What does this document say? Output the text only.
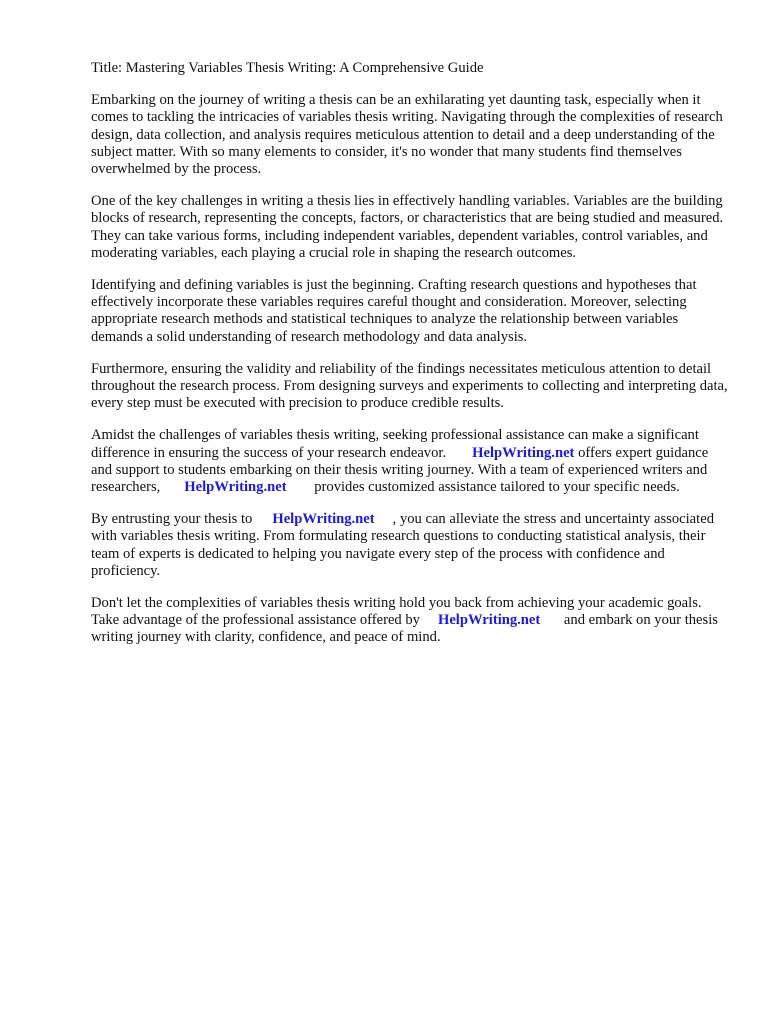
Title: Mastering Variables Thesis Writing: A Comprehensive Guide

Embarking on the journey of writing a thesis can be an exhilarating yet daunting task, especially when it comes to tackling the intricacies of variables thesis writing. Navigating through the complexities of research design, data collection, and analysis requires meticulous attention to detail and a deep understanding of the subject matter. With so many elements to consider, it's no wonder that many students find themselves overwhelmed by the process.

One of the key challenges in writing a thesis lies in effectively handling variables. Variables are the building blocks of research, representing the concepts, factors, or characteristics that are being studied and measured. They can take various forms, including independent variables, dependent variables, control variables, and moderating variables, each playing a crucial role in shaping the research outcomes.

Identifying and defining variables is just the beginning. Crafting research questions and hypotheses that effectively incorporate these variables requires careful thought and consideration. Moreover, selecting appropriate research methods and statistical techniques to analyze the relationship between variables demands a solid understanding of research methodology and data analysis.

Furthermore, ensuring the validity and reliability of the findings necessitates meticulous attention to detail throughout the research process. From designing surveys and experiments to collecting and interpreting data, every step must be executed with precision to produce credible results.

Amidst the challenges of variables thesis writing, seeking professional assistance can make a significant difference in ensuring the success of your research endeavor. HelpWriting.net offers expert guidance and support to students embarking on their thesis writing journey. With a team of experienced writers and researchers, HelpWriting.net provides customized assistance tailored to your specific needs.

By entrusting your thesis to HelpWriting.net , you can alleviate the stress and uncertainty associated with variables thesis writing. From formulating research questions to conducting statistical analysis, their team of experts is dedicated to helping you navigate every step of the process with confidence and proficiency.

Don't let the complexities of variables thesis writing hold you back from achieving your academic goals. Take advantage of the professional assistance offered by HelpWriting.net and embark on your thesis writing journey with clarity, confidence, and peace of mind.
